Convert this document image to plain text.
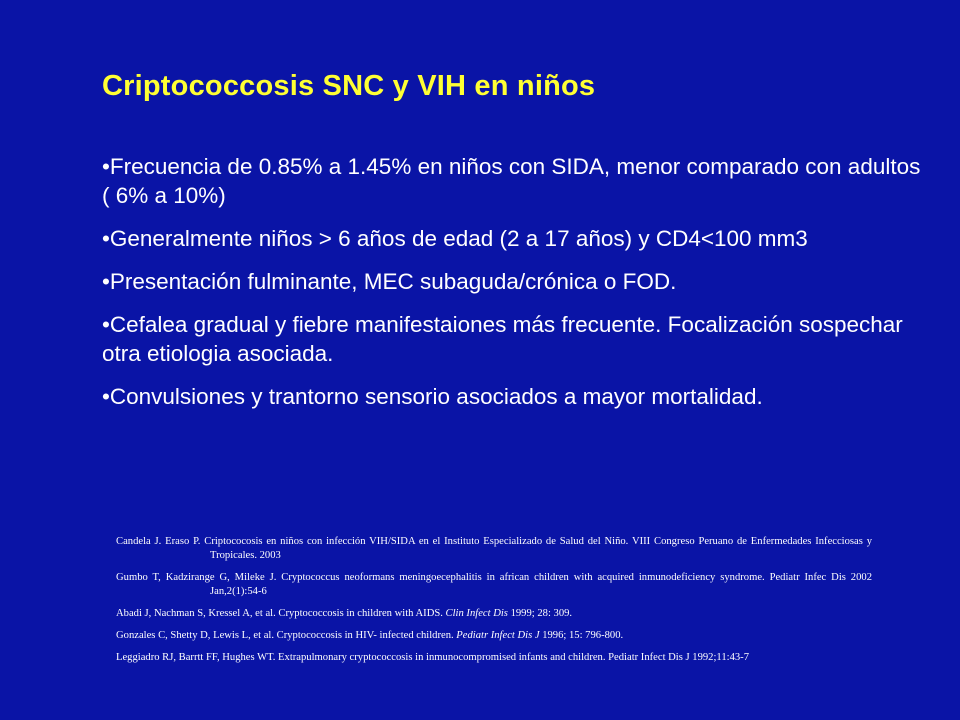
Criptococcosis SNC y VIH en niños

•Frecuencia de 0.85% a 1.45% en niños con SIDA, menor comparado con adultos ( 6% a 10%)

•Generalmente niños > 6 años de edad (2 a 17 años) y CD4<100 mm3

•Presentación fulminante, MEC subaguda/crónica o FOD.

•Cefalea gradual y fiebre manifestaiones más frecuente. Focalización sospechar otra etiologia asociada.

•Convulsiones y trantorno sensorio asociados a mayor mortalidad.

Candela J. Eraso P. Criptococosis en niños con infección VIH/SIDA en el Instituto Especializado de Salud del Niño. VIII Congreso Peruano de Enfermedades Infecciosas y Tropicales. 2003

Gumbo T, Kadzirange G, Mileke J. Cryptococcus neoformans meningoecephalitis in african children with acquired inmunodeficiency syndrome. Pediatr Infec Dis 2002 Jan,2(1):54-6

Abadi J, Nachman S, Kressel A, et al. Cryptococcosis in children with AIDS. Clin Infect Dis 1999; 28: 309.

Gonzales C, Shetty D, Lewis L, et al. Cryptococcosis in HIV- infected children. Pediatr Infect Dis J 1996; 15: 796-800.

Leggiadro RJ, Barrtt FF, Hughes WT. Extrapulmonary cryptococcosis in inmunocompromised infants and children. Pediatr Infect Dis J 1992;11:43-7
